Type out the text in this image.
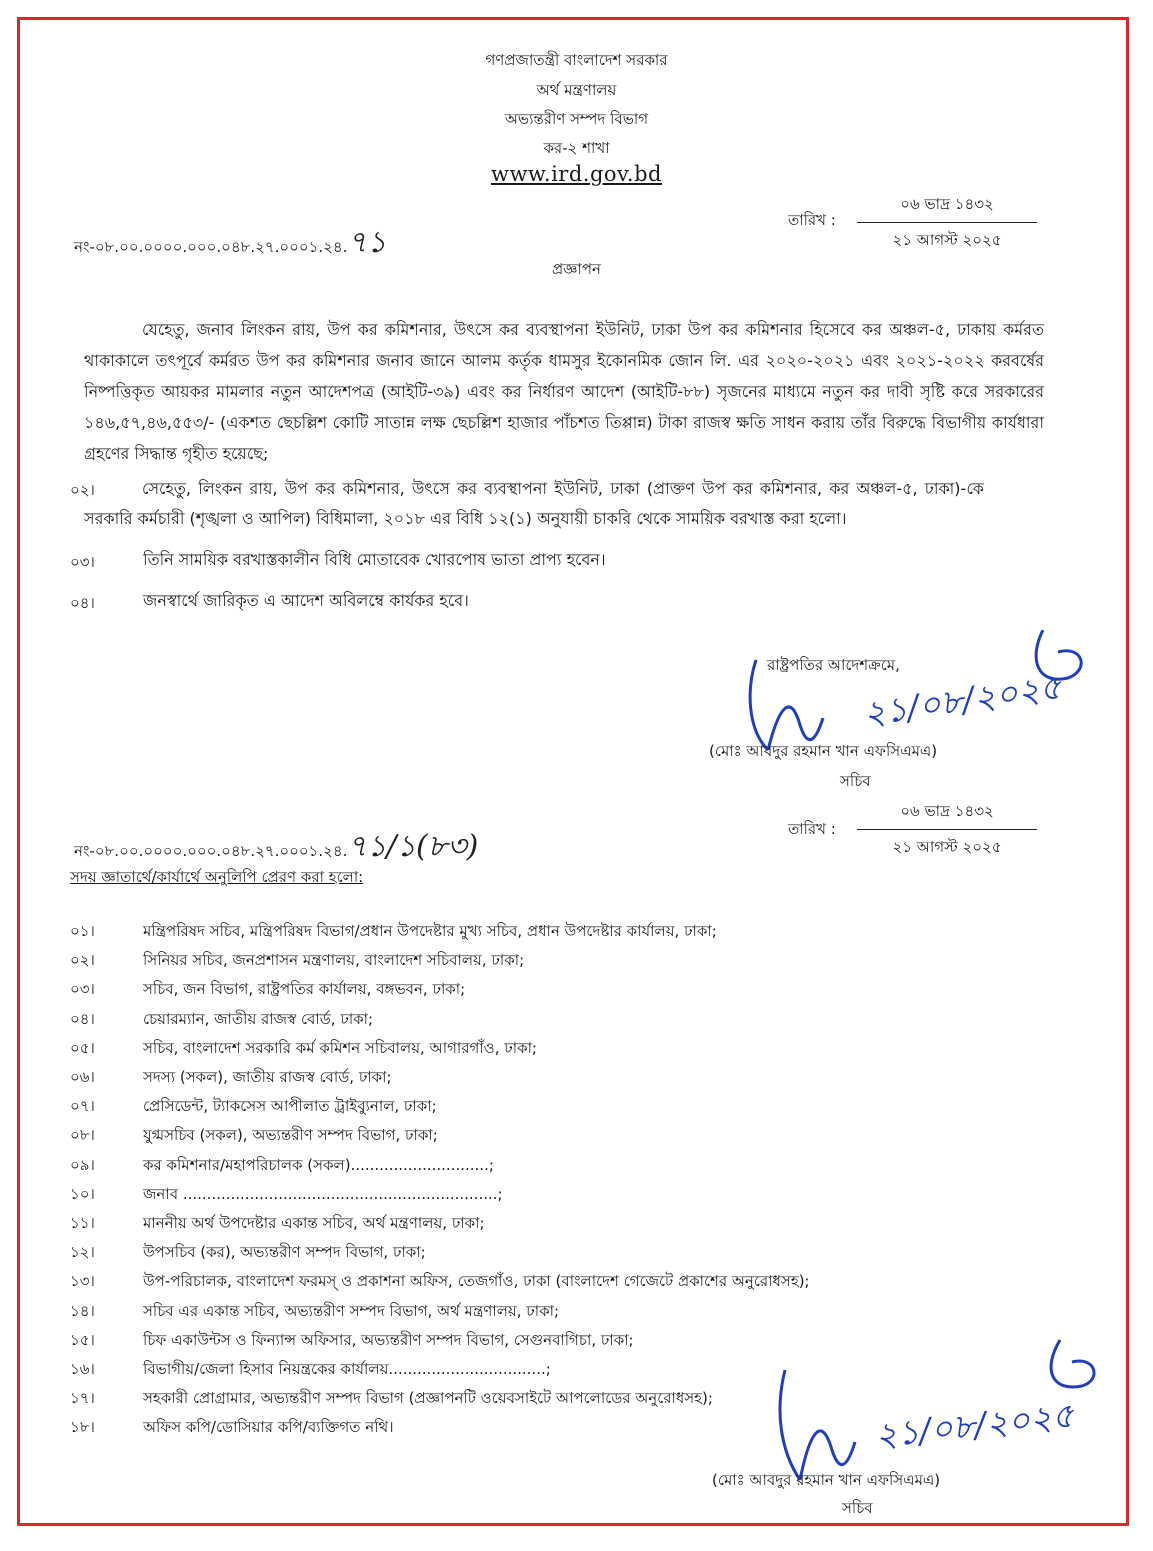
গণপ্রজাতন্ত্রী বাংলাদেশ সরকার
অর্থ মন্ত্রণালয়
অভ্যন্তরীণ সম্পদ বিভাগ
কর-২ শাখা
www.ird.gov.bd
নং-০৮.০০.০০০০.০০০.০৪৮.২৭.০০০১.২৪.৭১
তারিখ :
০৬ ভাদ্র ১৪৩২
২১ আগস্ট ২০২৫
প্রজ্ঞাপন
যেহেতু, জনাব লিংকন রায়, উপ কর কমিশনার, উৎসে কর ব্যবস্থাপনা ইউনিট, ঢাকা উপ কর কমিশনার হিসেবে কর অঞ্চল-৫, ঢাকায় কর্মরত থাকাকালে তৎপূর্বে কর্মরত উপ কর কমিশনার জনাব জানে আলম কর্তৃক ধামসুর ইকোনমিক জোন লি. এর ২০২০-২০২১ এবং ২০২১-২০২২ করবর্ষের নিষ্পত্তিকৃত আয়কর মামলার নতুন আদেশপত্র (আইটি-৩৯) এবং কর নির্ধারণ আদেশ (আইটি-৮৮) সৃজনের মাধ্যমে নতুন কর দাবী সৃষ্টি করে সরকারের ১৪৬,৫৭,৪৬,৫৫৩/- (একশত ছেচল্লিশ কোটি সাতান্ন লক্ষ ছেচল্লিশ হাজার পাঁচশত তিপ্পান্ন) টাকা রাজস্ব ক্ষতি সাধন করায় তাঁর বিরুদ্ধে বিভাগীয় কার্যধারা গ্রহণের সিদ্ধান্ত গৃহীত হয়েছে;
০২।	সেহেতু, লিংকন রায়, উপ কর কমিশনার, উৎসে কর ব্যবস্থাপনা ইউনিট, ঢাকা (প্রাক্তণ উপ কর কমিশনার, কর অঞ্চল-৫, ঢাকা)-কে সরকারি কর্মচারী (শৃঙ্খলা ও আপিল) বিধিমালা, ২০১৮ এর বিধি ১২(১) অনুযায়ী চাকরি থেকে সাময়িক বরখাস্ত করা হলো।
০৩।	তিনি সাময়িক বরখাস্তকালীন বিধি মোতাবেক খোরপোষ ভাতা প্রাপ্য হবেন।
০৪।	জনস্বার্থে জারিকৃত এ আদেশ অবিলম্বে কার্যকর হবে।
রাষ্ট্রপতির আদেশক্রমে,
২১/০৮/২০২৫
(মোঃ আবদুর রহমান খান এফসিএমএ)
সচিব
নং-০৮.০০.০০০০.০০০.০৪৮.২৭.০০০১.২৪.৭১/১(৮৩)	তারিখ :
০৬ ভাদ্র ১৪৩২
২১ আগস্ট ২০২৫
সদয় জ্ঞাতার্থে/কার্যার্থে অনুলিপি প্রেরণ করা হলো:
০১।	মন্ত্রিপরিষদ সচিব, মন্ত্রিপরিষদ বিভাগ/প্রধান উপদেষ্টার মুখ্য সচিব, প্রধান উপদেষ্টার কার্যালয়, ঢাকা;
০২।	সিনিয়র সচিব, জনপ্রশাসন মন্ত্রণালয়, বাংলাদেশ সচিবালয়, ঢাকা;
০৩।	সচিব, জন বিভাগ, রাষ্ট্রপতির কার্যালয়, বঙ্গভবন, ঢাকা;
০৪।	চেয়ারম্যান, জাতীয় রাজস্ব বোর্ড, ঢাকা;
০৫।	সচিব, বাংলাদেশ সরকারি কর্ম কমিশন সচিবালয়, আগারগাঁও, ঢাকা;
০৬।	সদস্য (সকল), জাতীয় রাজস্ব বোর্ড, ঢাকা;
০৭।	প্রেসিডেন্ট, ট্যাকসেস আপীলাত ট্রাইব্যুনাল, ঢাকা;
০৮।	যুগ্মসচিব (সকল), অভ্যন্তরীণ সম্পদ বিভাগ, ঢাকা;
০৯।	কর কমিশনার/মহাপরিচালক (সকল).............................;
১০।	জনাব ..................................................................;
১১।	মাননীয় অর্থ উপদেষ্টার একান্ত সচিব, অর্থ মন্ত্রণালয়, ঢাকা;
১২।	উপসচিব (কর), অভ্যন্তরীণ সম্পদ বিভাগ, ঢাকা;
১৩।	উপ-পরিচালক, বাংলাদেশ ফরমস্ ও প্রকাশনা অফিস, তেজগাঁও, ঢাকা (বাংলাদেশ গেজেটে প্রকাশের অনুরোধসহ);
১৪।	সচিব এর একান্ত সচিব, অভ্যন্তরীণ সম্পদ বিভাগ, অর্থ মন্ত্রণালয়, ঢাকা;
১৫।	চিফ একাউন্টস ও ফিন্যান্স অফিসার, অভ্যন্তরীণ সম্পদ বিভাগ, সেগুনবাগিচা, ঢাকা;
১৬।	বিভাগীয়/জেলা হিসাব নিয়ন্ত্রকের কার্যালয়.................................;
১৭।	সহকারী প্রোগ্রামার, অভ্যন্তরীণ সম্পদ বিভাগ (প্রজ্ঞাপনটি ওয়েবসাইটে আপলোডের অনুরোধসহ);
১৮।	অফিস কপি/ডোসিয়ার কপি/ব্যক্তিগত নথি।	২১/০৮/২০২৫
(মোঃ আবদুর রহমান খান এফসিএমএ)
সচিব
